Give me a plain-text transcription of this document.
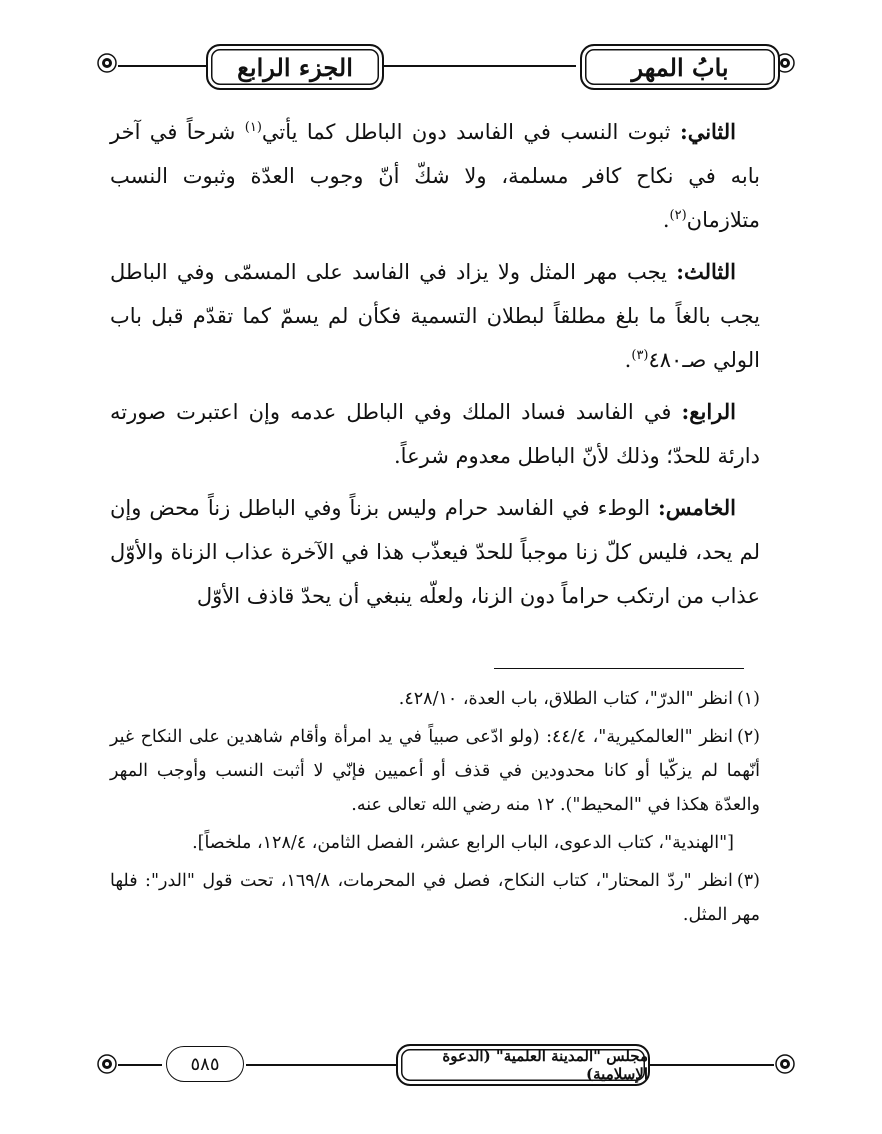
بابُ المهر
الجزء الرابع

الثاني: ثبوت النسب في الفاسد دون الباطل كما يأتي$^{(١)}$ شرحاً في آخر بابه في نكاح كافر مسلمة، ولا شكّ أنّ وجوب العدّة وثبوت النسب متلازمان$^{(٢)}$.

الثالث: يجب مهر المثل ولا يزاد في الفاسد على المسمّى وفي الباطل يجب بالغاً ما بلغ مطلقاً لبطلان التسمية فكأن لم يسمّ كما تقدّم قبل باب الولي صـ٤٨٠$^{(٣)}$.

الرابع: في الفاسد فساد الملك وفي الباطل عدمه وإن اعتبرت صورته دارئة للحدّ؛ وذلك لأنّ الباطل معدوم شرعاً.

الخامس: الوطء في الفاسد حرام وليس بزناً وفي الباطل زناً محض وإن لم يحد، فليس كلّ زنا موجباً للحدّ فيعذّب هذا في الآخرة عذاب الزناة والأوّل عذاب من ارتكب حراماً دون الزنا، ولعلّه ينبغي أن يحدّ قاذف الأوّل

(١)انظر "الدرّ"، كتاب الطلاق، باب العدة، ٤٢٨/١٠.

(٢)انظر "العالمكيرية"، ٤٤/٤: (ولو ادّعى صبياً في يد امرأة وأقام شاهدين على النكاح غير أنّهما لم يزكّيا أو كانا محدودين في قذف أو أعميين فإنّي لا أثبت النسب وأوجب المهر والعدّة هكذا في "المحيط"). ١٢ منه رضي الله تعالى عنه.

["الهندية"، كتاب الدعوى، الباب الرابع عشر، الفصل الثامن، ١٢٨/٤، ملخصاً].

(٣)انظر "ردّ المحتار"، كتاب النكاح، فصل في المحرمات، ١٦٩/٨، تحت قول "الدر": فلها مهر المثل.

مجلس "المدينة العلمية" (الدعوة الإسلامية)
٥٨٥
